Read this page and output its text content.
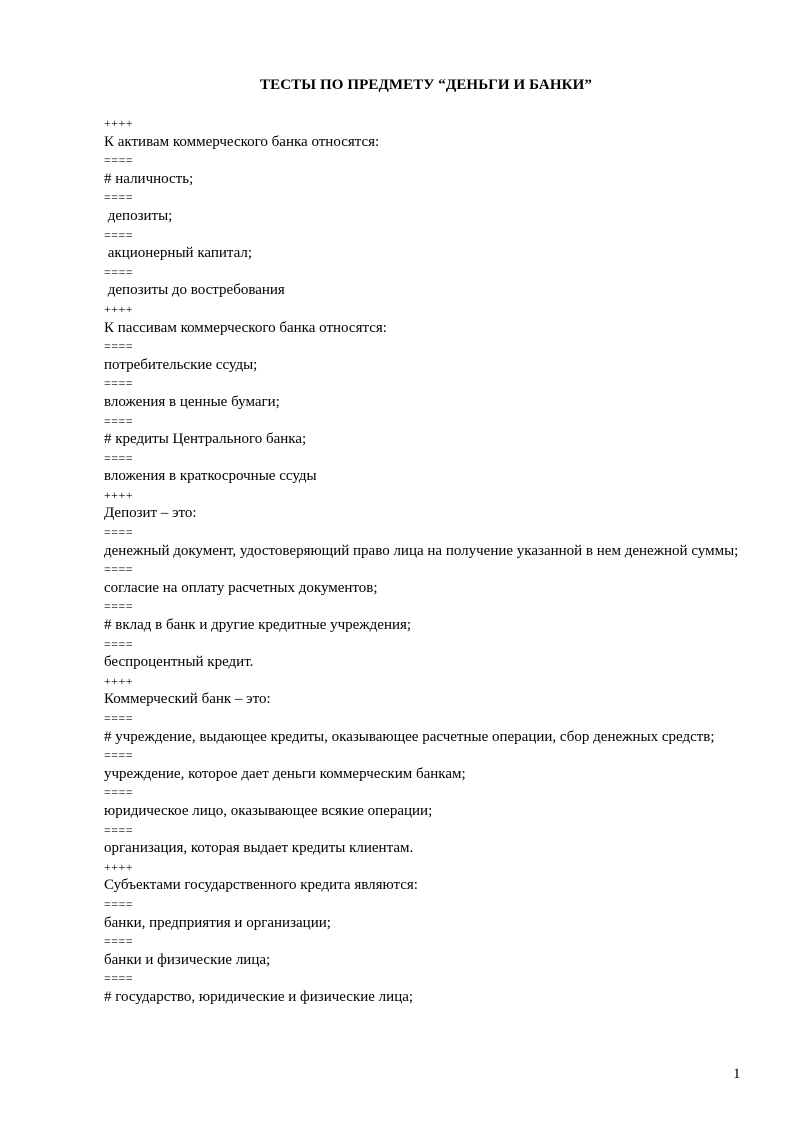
ТЕСТЫ ПО ПРЕДМЕТУ “ДЕНЬГИ И БАНКИ”
++++
К активам коммерческого банка относятся:
====
# наличность;
====
депозиты;
====
акционерный капитал;
====
депозиты до востребования
++++
К пассивам коммерческого банка относятся:
====
потребительские ссуды;
====
вложения в ценные бумаги;
====
# кредиты Центрального банка;
====
вложения в краткосрочные ссуды
++++
Депозит – это:
====
денежный документ, удостоверяющий право лица на получение указанной в нем денежной суммы;
====
согласие на оплату расчетных документов;
====
# вклад в банк и другие кредитные учреждения;
====
беспроцентный кредит.
++++
Коммерческий банк – это:
====
# учреждение, выдающее кредиты, оказывающее расчетные операции, сбор денежных средств;
====
учреждение, которое дает деньги коммерческим банкам;
====
юридическое лицо, оказывающее всякие операции;
====
организация, которая выдает кредиты клиентам.
++++
Субъектами государственного кредита являются:
====
банки, предприятия и организации;
====
банки и физические лица;
====
# государство, юридические и физические лица;
1
